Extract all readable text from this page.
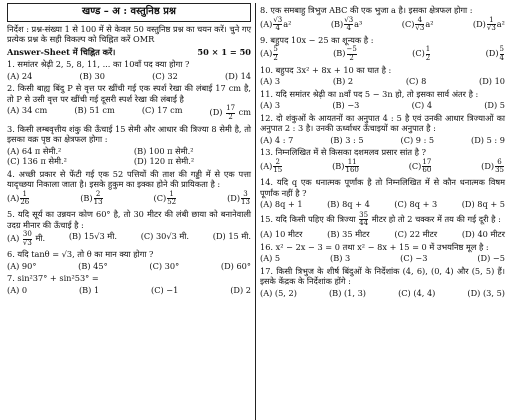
खण्ड – अ : वस्तुनिष्ठ प्रश्न
निर्देश : प्रश्न-संख्या 1 से 100 में से केवल 50 वस्तुनिष्ठ प्रश्न का चयन करें। चुने गए प्रत्येक प्रश्न के सही विकल्प को चिह्नित करें OMR
Answer-Sheet में चिह्नित करें।	50 × 1 = 50
1. समांतर श्रेढ़ी 2, 5, 8, 11, ... का 10वाँ पद क्या होगा ?
(A) 24	(B) 30	(C) 32	(D) 14
2. किसी बाह्य बिंदु P से वृत्त पर खींची गई एक स्पर्श रेखा की लंबाई 17 cm है, तो P से उसी वृत्त पर खींची गई दूसरी स्पर्श रेखा की लंबाई है
(A) 34 cm	(B) 51 cm	(C) 17 cm	$(D) \frac{17}{2}$ cm
3. किसी लम्बवृत्तीय शंकु की ऊँचाई 15 सेमी और आधार की त्रिज्या 8 सेमी है, तो इसका वक्र पृष्ठ का क्षेत्रफल होगा :
(A) 64 π सेमी.²	(B) 100 π सेमी.²
(C) 136 π सेमी.²	(D) 120 π सेमी.²
4. अच्छी प्रकार से फेंटी गई एक 52 पत्तियों की ताश की गड्डी में से एक पत्ता यादृच्छया निकाला जाता है। इसके हुकुम का इक्का होने की प्रायिकता है :
$(A) \frac{1}{26}$	$(B) \frac{2}{13}$	$(C) \frac{1}{52}$	$(D) \frac{3}{13}$
5. यदि सूर्य का उन्नयन कोण 60° है, तो 30 मीटर की लंबी छाया को बनानेवाली उदग्र मीनार की ऊँचाई है :
$(A) \frac{30}{√3}$ मी.	(B) 15√3 मी.	(C) 30√3 मी.	(D) 15 मी.
6. यदि tanθ = √3, तो θ का मान क्या होगा ?
(A) 90°	(B) 45°	(C) 30°	(D) 60°
7. sin²37° + sin²53° =
(A) 0	(B) 1	(C) −1	(D) 2
8. एक समबाहु त्रिभुज ABC की एक भुजा a है। इसका क्षेत्रफल होगा :
$(A) \frac{√3}{4} a^2$	$(B) \frac{√3}{4} a^3$	$(C) \frac{4}{√3} a^2$	$(D) \frac{1}{√3} a^2$
9. बहुपद 10x − 25 का शून्यक है :
$(A) \frac{5}{2}$	$(B) \frac{-5}{2}$	$(C) \frac{1}{2}$	$(D) \frac{5}{4}$
10. बहुपद 3x² + 8x + 10 का घात है :
(A) 3	(B) 2	(C) 8	(D) 10
11. यदि समांतर श्रेढ़ी का nवाँ पद 5 − 3n हो, तो इसका सार्व अंतर है :
(A) 3	(B) −3	(C) 4	(D) 5
12. दो शंकुओं के आयतनों का अनुपात 4 : 5 है एवं उनकी आधार त्रिज्याओं का अनुपात 2 : 3 है। उनकी ऊर्ध्वाधर ऊँचाइयों का अनुपात है :
(A) 4 : 7	(B) 3 : 5	(C) 9 : 5	(D) 5 : 9
13. निम्नलिखित में से किसका दशमलव प्रसार सांत है ?
$(A) \frac{2}{15}$	$(B) \frac{11}{160}$	$(C) \frac{17}{60}$	$(D) \frac{6}{35}$
14. यदि q एक धनात्मक पूर्णांक है तो निम्नलिखित में से कौन धनात्मक विषम पूर्णांक नहीं है ?
(A) 8q + 1	(B) 8q + 4	(C) 8q + 3	(D) 8q + 5
15. यदि किसी पहिए की त्रिज्या $\frac{35}{44}$ मीटर हो तो 2 चक्कर में तय की गई दूरी है :
(A) 10 मीटर	(B) 35 मीटर	(C) 22 मीटर	(D) 40 मीटर
16. x² − 2x − 3 = 0 तथा x² − 8x + 15 = 0 में उभयनिष्ठ मूल है :
(A) 5	(B) 3	(C) −3	(D) −5
17. किसी त्रिभुज के शीर्ष बिंदुओं के निर्देशांक (4, 6), (0, 4) और (5, 5) हैं। इसके केंद्रक के निर्देशांक होंगे :
(A) (5, 2)	(B) (1, 3)	(C) (4, 4)	(D) (3, 5)
